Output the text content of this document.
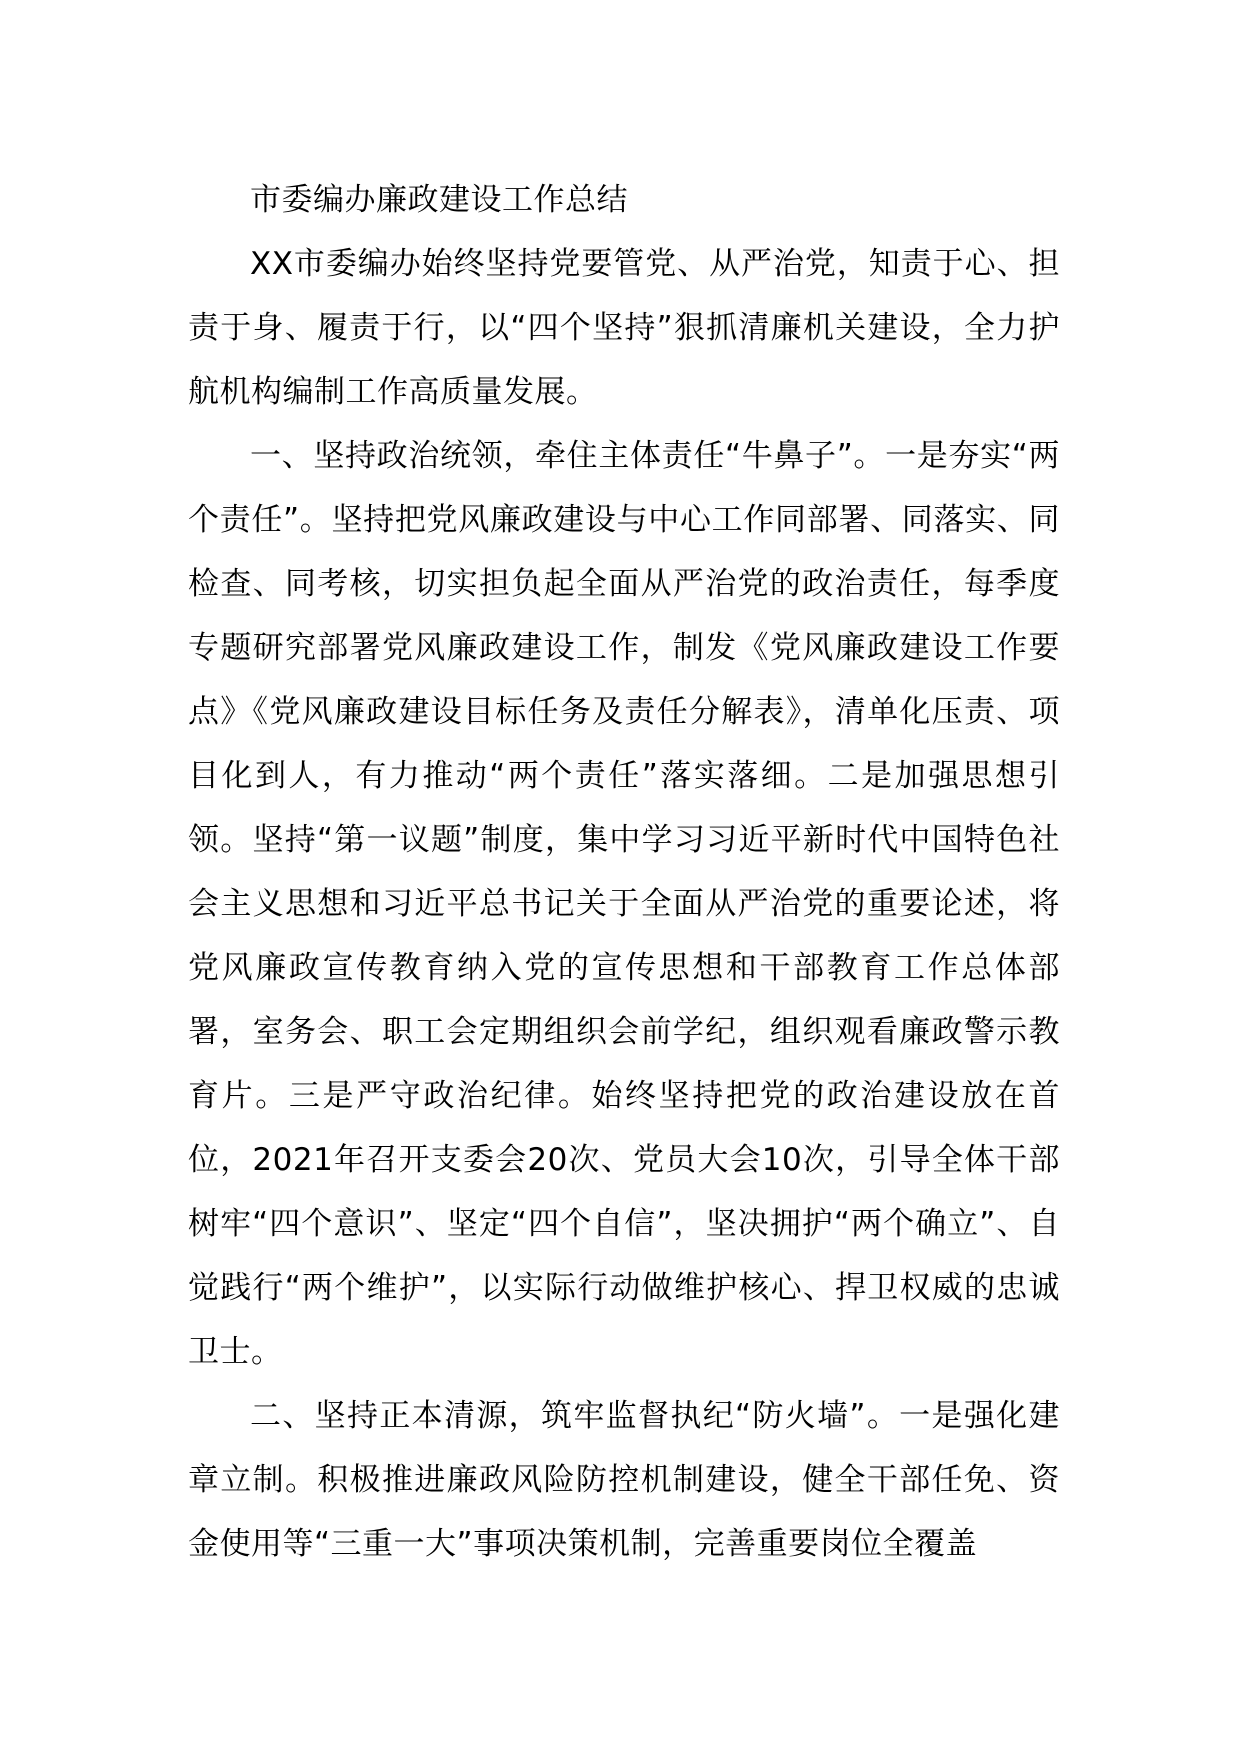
市委编办廉政建设工作总结

XX市委编办始终坚持党要管党、从严治党，知责于心、担责于身、履责于行，以“四个坚持”狠抓清廉机关建设，全力护航机构编制工作高质量发展。

一、坚持政治统领，牵住主体责任“牛鼻子”。一是夯实“两个责任”。坚持把党风廉政建设与中心工作同部署、同落实、同检查、同考核，切实担负起全面从严治党的政治责任，每季度专题研究部署党风廉政建设工作，制发《党风廉政建设工作要点》《党风廉政建设目标任务及责任分解表》，清单化压责、项目化到人，有力推动“两个责任”落实落细。二是加强思想引领。坚持“第一议题”制度，集中学习习近平新时代中国特色社会主义思想和习近平总书记关于全面从严治党的重要论述，将党风廉政宣传教育纳入党的宣传思想和干部教育工作总体部署，室务会、职工会定期组织会前学纪，组织观看廉政警示教育片。三是严守政治纪律。始终坚持把党的政治建设放在首位，2021年召开支委会20次、党员大会10次，引导全体干部树牢“四个意识”、坚定“四个自信”，坚决拥护“两个确立”、自觉践行“两个维护”，以实际行动做维护核心、捍卫权威的忠诚卫士。

二、坚持正本清源，筑牢监督执纪“防火墙”。一是强化建章立制。积极推进廉政风险防控机制建设，健全干部任免、资金使用等“三重一大”事项决策机制，完善重要岗位全覆盖
